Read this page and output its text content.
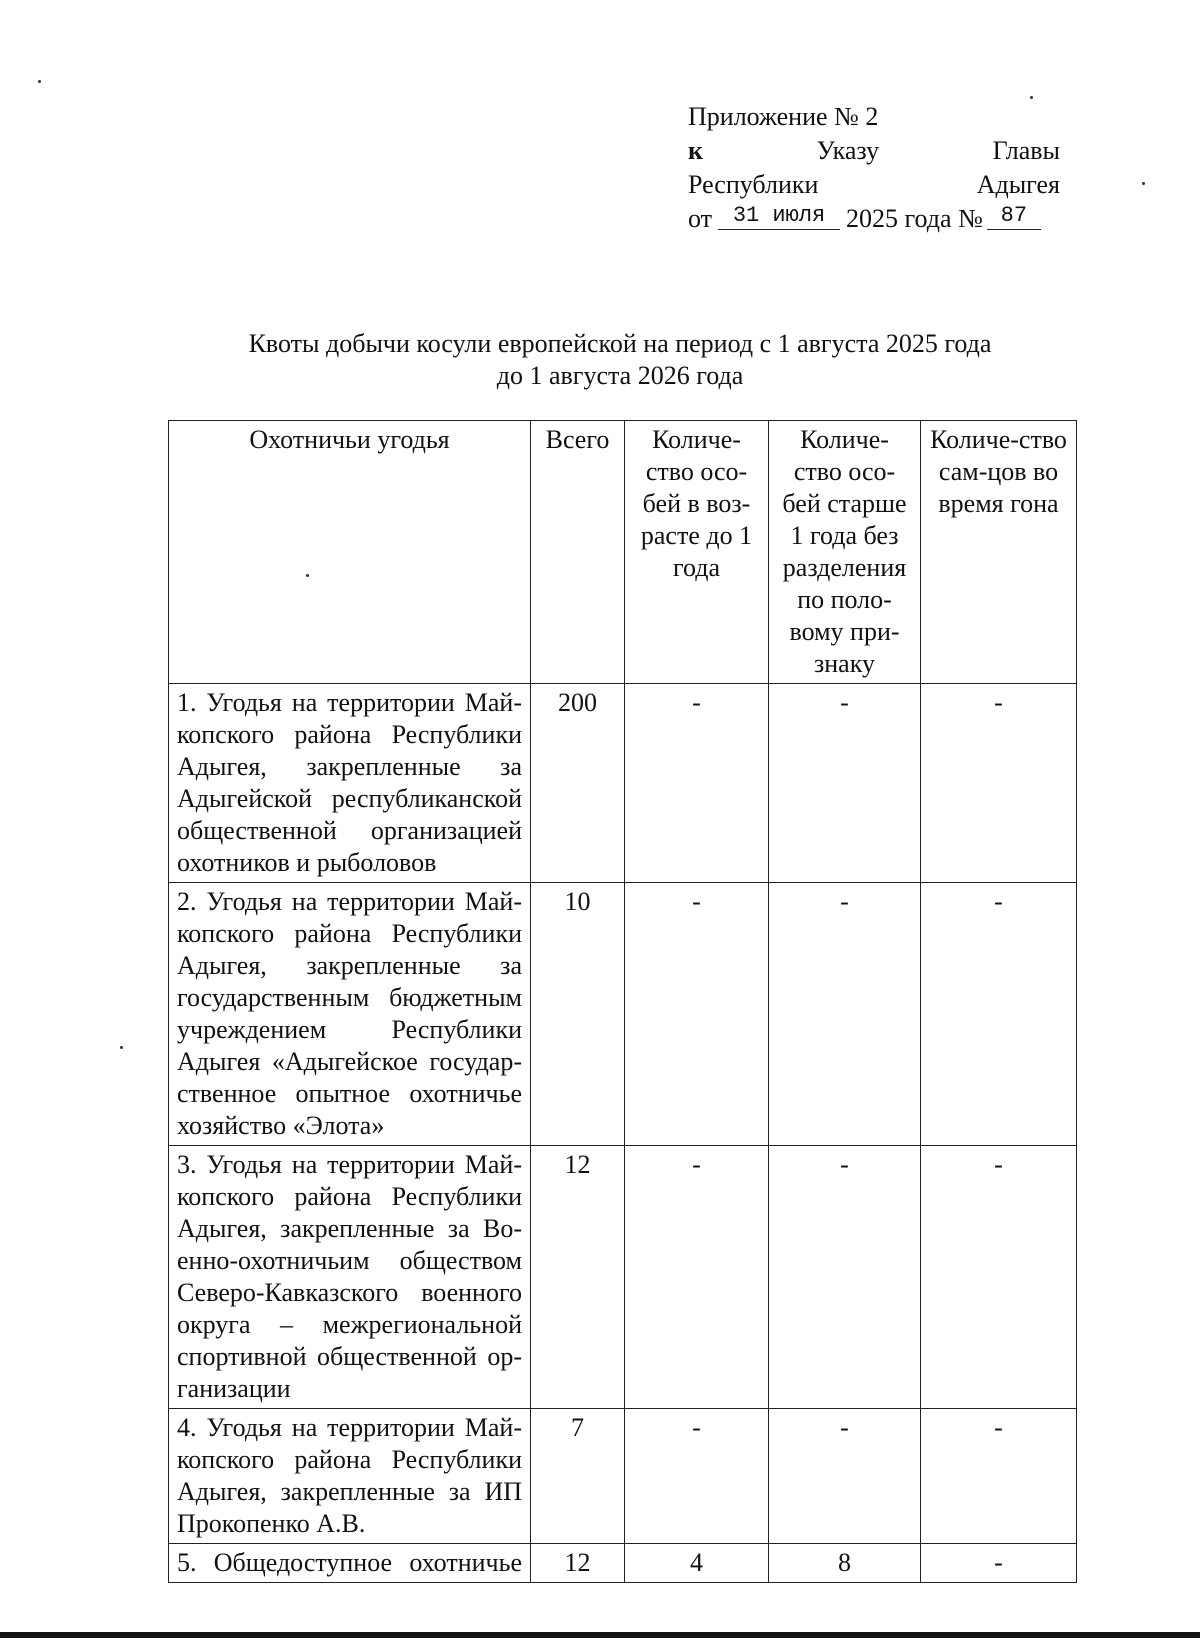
Приложение № 2
к	Указу	Главы
Республики	Адыгея
от 31 июля 2025 года № 87
Квоты добычи косули европейской на период с 1 августа 2025 года
до 1 августа 2026 года
Охотничьи угодья	Всего	Количе-ство осо-бей в воз-расте до 1 года	Количе-ство осо-бей старше 1 года без разделения по поло-вому при-знаку	Количе-ство сам-цов во время гона
1. Угодья на территории Май-копского района Республики Адыгея, закрепленные за Адыгейской республиканской общественной организацией охотников и рыболовов	200	-	-	-
2. Угодья на территории Май-копского района Республики Адыгея, закрепленные за государственным бюджетным учреждением Республики Адыгея «Адыгейское государ-ственное опытное охотничье хозяйство «Элота»	10	-	-	-
3. Угодья на территории Май-копского района Республики Адыгея, закрепленные за Во-енно-охотничьим обществом Северо-Кавказского военного округа – межрегиональной спортивной общественной ор-ганизации	12	-	-	-
4. Угодья на территории Май-копского района Республики Адыгея, закрепленные за ИП Прокопенко А.В.	7	-	-	-
5. Общедоступное охотничье	12	4	8	-
